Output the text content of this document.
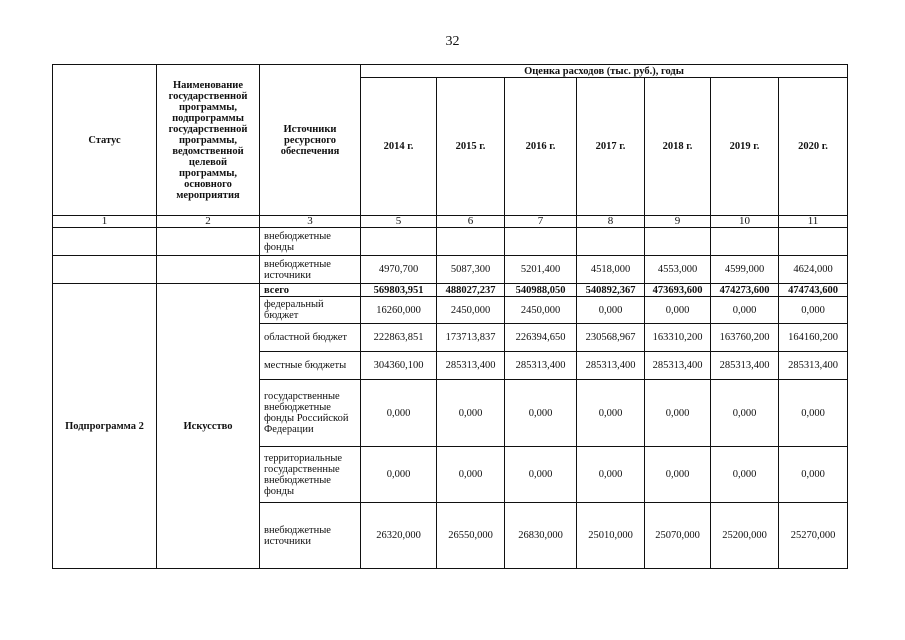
32
Статус	Наименование государственной программы, подпрограммы государственной программы, ведомственной целевой программы, основного мероприятия	Источники ресурсного обеспечения	Оценка расходов (тыс. руб.), годы						
			2014 г.	2015 г.	2016 г.	2017 г.	2018 г.	2019 г.	2020 г.
1	2	3	5	6	7	8	9	10	11
		внебюджетные фонды							
		внебюджетные источники	4970,700	5087,300	5201,400	4518,000	4553,000	4599,000	4624,000
Подпрограмма 2	Искусство	всего	569803,951	488027,237	540988,050	540892,367	473693,600	474273,600	474743,600
		федеральный бюджет	16260,000	2450,000	2450,000	0,000	0,000	0,000	0,000
		областной бюджет	222863,851	173713,837	226394,650	230568,967	163310,200	163760,200	164160,200
		местные бюджеты	304360,100	285313,400	285313,400	285313,400	285313,400	285313,400	285313,400
		государственные внебюджетные фонды Российской Федерации	0,000	0,000	0,000	0,000	0,000	0,000	0,000
		территориальные государственные внебюджетные фонды	0,000	0,000	0,000	0,000	0,000	0,000	0,000
		внебюджетные источники	26320,000	26550,000	26830,000	25010,000	25070,000	25200,000	25270,000
